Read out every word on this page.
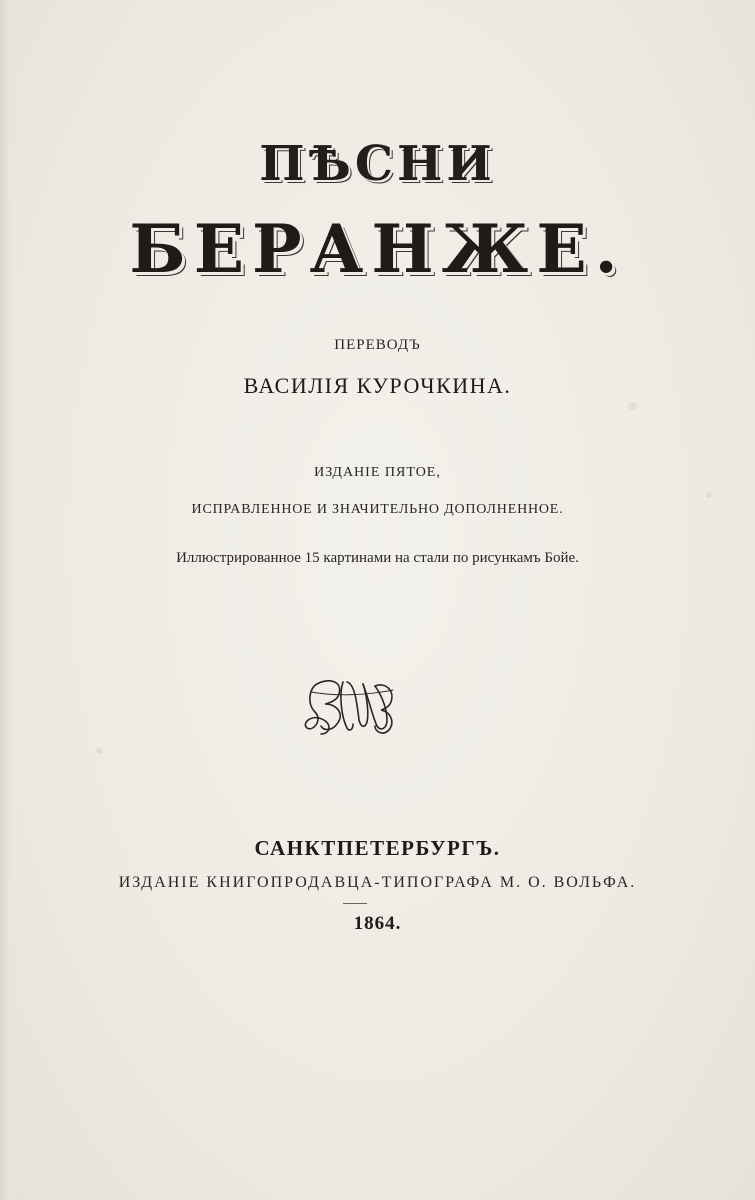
ПѢСНИ
БЕРАНЖЕ.
ПЕРЕВОДЪ
ВАСИЛІЯ КУРОЧКИНА.
ИЗДАНІЕ ПЯТОЕ,
ИСПРАВЛЕННОЕ И ЗНАЧИТЕЛЬНО ДОПОЛНЕННОЕ.
Иллюстрированное 15 картинами на стали по рисункамъ Бойе.
САНКТПЕТЕРБУРГЪ.
ИЗДАНІЕ КНИГОПРОДАВЦА-ТИПОГРАФА М. О. ВОЛЬФА.
1864.
